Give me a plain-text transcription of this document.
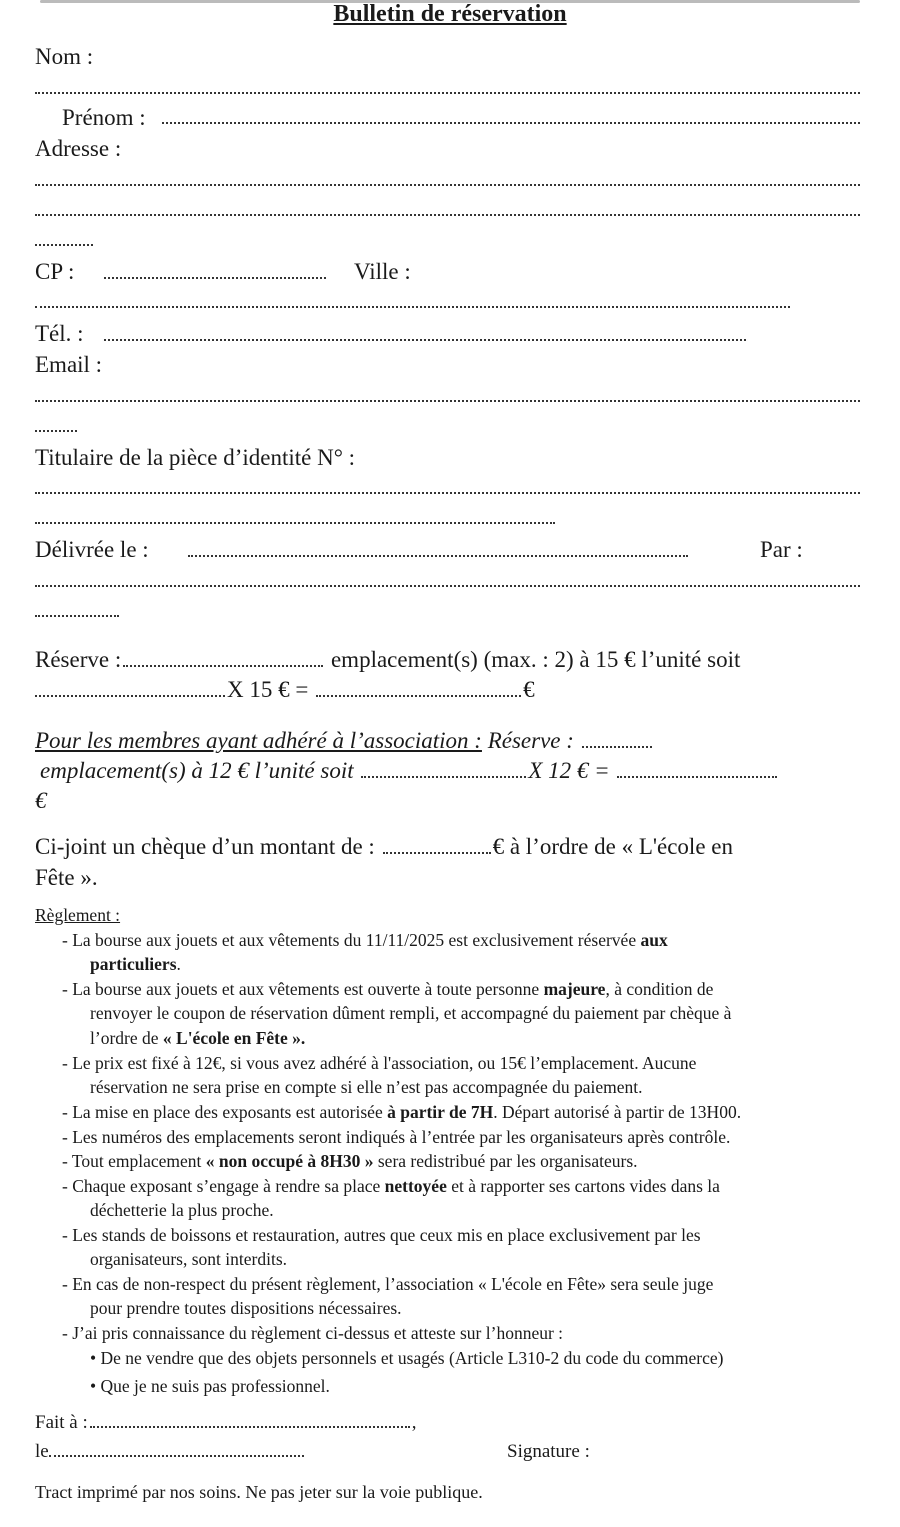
Bulletin de réservation
Nom :
Prénom :
Adresse :
CP :	Ville :
Tél. :
Email :
Titulaire de la pièce d’identité N° :
Délivrée le :	Par :
Réserve :	emplacement(s) (max. : 2) à 15 € l’unité soit
X 15 € =	€
Pour les membres ayant adhéré à l’association : Réserve :
emplacement(s) à 12 € l’unité soit	X 12 € =
€
Ci-joint un chèque d’un montant de :	€ à l’ordre de « L'école en
Fête ».
Règlement :
- La bourse aux jouets et aux vêtements du 11/11/2025 est exclusivement réservée aux
particuliers.
- La bourse aux jouets et aux vêtements est ouverte à toute personne majeure, à condition de
renvoyer le coupon de réservation dûment rempli, et accompagné du paiement par chèque à
l’ordre de « L'école en Fête ».
- Le prix est fixé à 12€, si vous avez adhéré à l'association, ou 15€ l’emplacement. Aucune
réservation ne sera prise en compte si elle n’est pas accompagnée du paiement.
- La mise en place des exposants est autorisée à partir de 7H. Départ autorisé à partir de 13H00.
- Les numéros des emplacements seront indiqués à l’entrée par les organisateurs après contrôle.
- Tout emplacement « non occupé à 8H30 » sera redistribué par les organisateurs.
- Chaque exposant s’engage à rendre sa place nettoyée et à rapporter ses cartons vides dans la
déchetterie la plus proche.
- Les stands de boissons et restauration, autres que ceux mis en place exclusivement par les
organisateurs, sont interdits.
- En cas de non-respect du présent règlement, l’association « L'école en Fête» sera seule juge
pour prendre toutes dispositions nécessaires.
- J’ai pris connaissance du règlement ci-dessus et atteste sur l’honneur :
• De ne vendre que des objets personnels et usagés (Article L310-2 du code du commerce)
• Que je ne suis pas professionnel.
Fait à :	,
le	Signature :
Tract imprimé par nos soins. Ne pas jeter sur la voie publique.
